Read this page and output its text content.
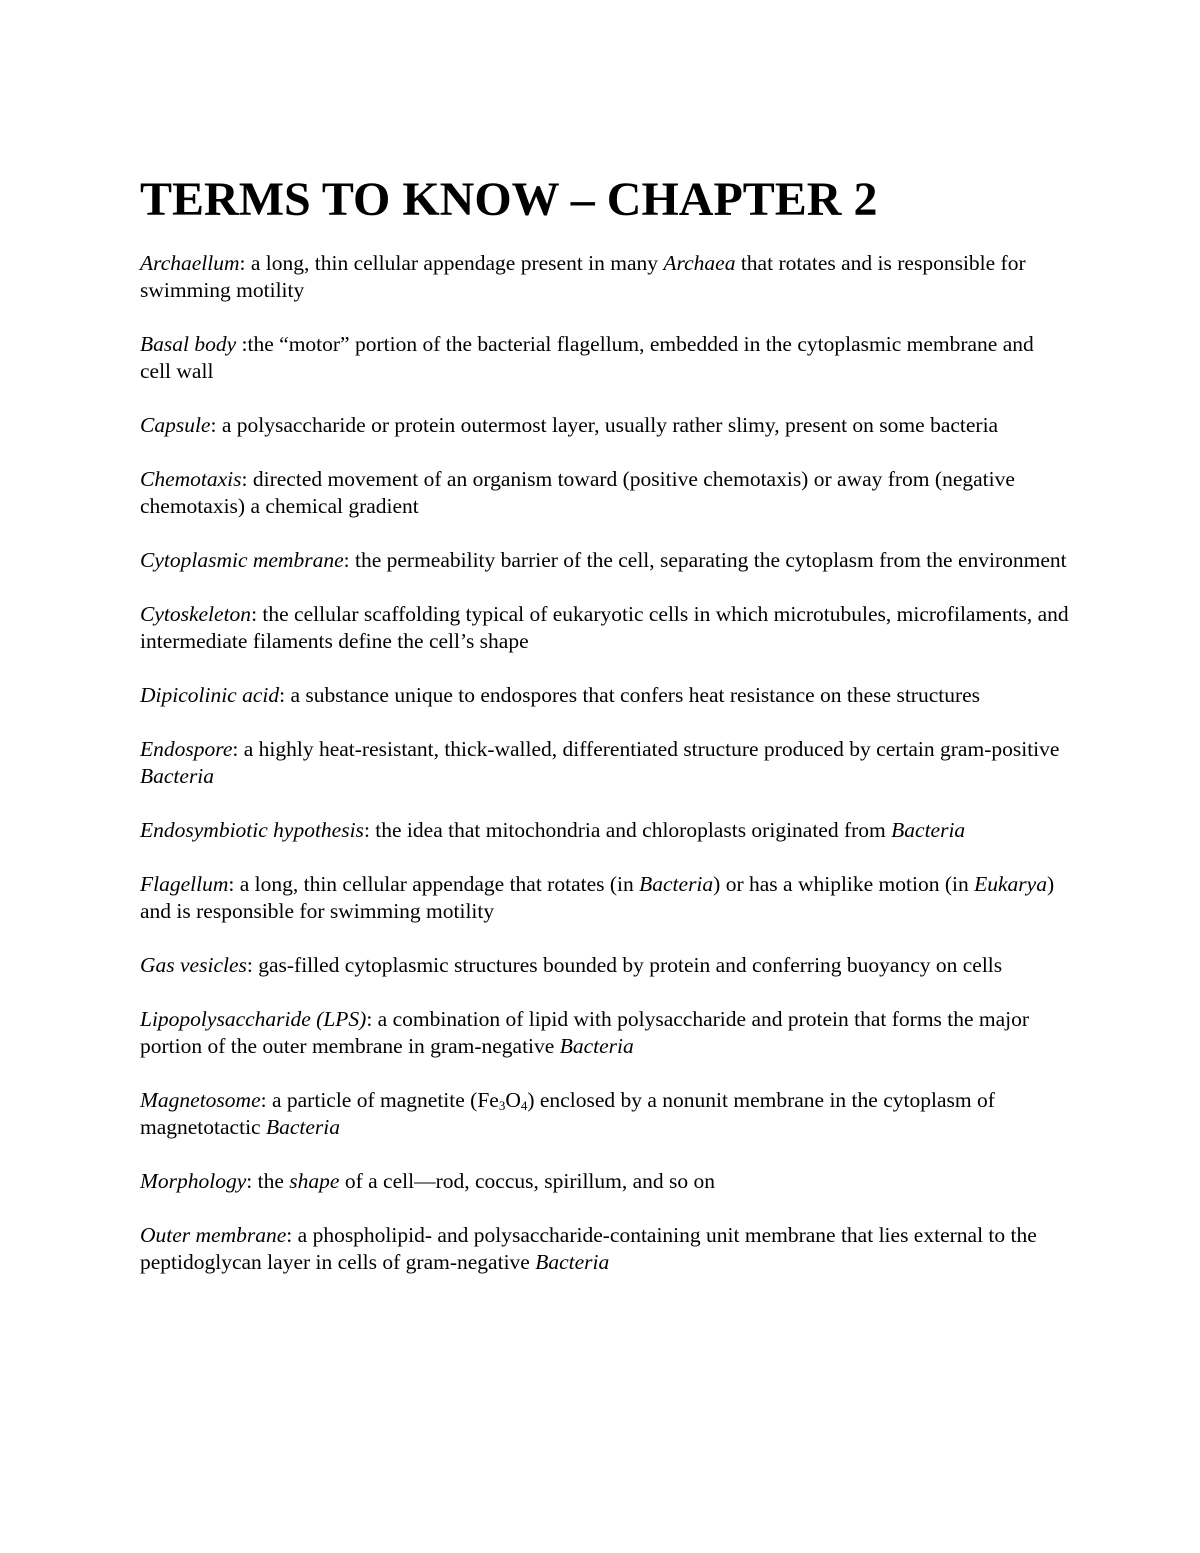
TERMS TO KNOW – CHAPTER 2

Archaellum: a long, thin cellular appendage present in many Archaea that rotates and is responsible for swimming motility

Basal body :the “motor” portion of the bacterial flagellum, embedded in the cytoplasmic membrane and cell wall

Capsule: a polysaccharide or protein outermost layer, usually rather slimy, present on some bacteria

Chemotaxis: directed movement of an organism toward (positive chemotaxis) or away from (negative chemotaxis) a chemical gradient

Cytoplasmic membrane: the permeability barrier of the cell, separating the cytoplasm from the environment

Cytoskeleton: the cellular scaffolding typical of eukaryotic cells in which microtubules, microfilaments, and intermediate filaments define the cell’s shape

Dipicolinic acid: a substance unique to endospores that confers heat resistance on these structures

Endospore: a highly heat-resistant, thick-walled, differentiated structure produced by certain gram-positive Bacteria

Endosymbiotic hypothesis: the idea that mitochondria and chloroplasts originated from Bacteria

Flagellum: a long, thin cellular appendage that rotates (in Bacteria) or has a whiplike motion (in Eukarya) and is responsible for swimming motility

Gas vesicles: gas-filled cytoplasmic structures bounded by protein and conferring buoyancy on cells

Lipopolysaccharide (LPS): a combination of lipid with polysaccharide and protein that forms the major portion of the outer membrane in gram-negative Bacteria

Magnetosome: a particle of magnetite $(Fe_3O_4)$ enclosed by a nonunit membrane in the cytoplasm of magnetotactic Bacteria

Morphology: the shape of a cell—rod, coccus, spirillum, and so on

Outer membrane: a phospholipid- and polysaccharide-containing unit membrane that lies external to the peptidoglycan layer in cells of gram-negative Bacteria
